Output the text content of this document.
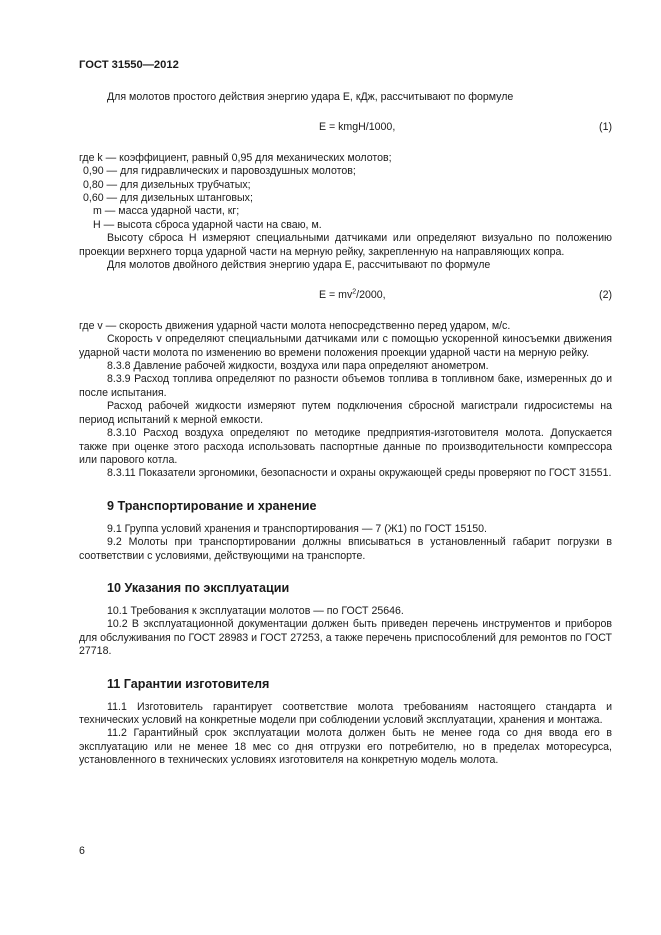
ГОСТ 31550—2012

Для молотов простого действия энергию удара E, кДж, рассчитывают по формуле

E = kmgH/1000,	(1)

где k — коэффициент, равный 0,95 для механических молотов;

0,90 — для гидравлических и паровоздушных молотов;

0,80 — для дизельных трубчатых;

0,60 — для дизельных штанговых;

m — масса ударной части, кг;

H — высота сброса ударной части на сваю, м.

Высоту сброса H измеряют специальными датчиками или определяют визуально по положению проекции верхнего торца ударной части на мерную рейку, закрепленную на направляющих копра.

Для молотов двойного действия энергию удара E, рассчитывают по формуле

$E = mv^2/2000$,	(2)

где v — скорость движения ударной части молота непосредственно перед ударом, м/с.

Скорость v определяют специальными датчиками или с помощью ускоренной киносъемки движения ударной части молота по изменению во времени положения проекции ударной части на мерную рейку.

8.3.8 Давление рабочей жидкости, воздуха или пара определяют анометром.

8.3.9 Расход топлива определяют по разности объемов топлива в топливном баке, измеренных до и после испытания.

Расход рабочей жидкости измеряют путем подключения сбросной магистрали гидросистемы на период испытаний к мерной емкости.

8.3.10 Расход воздуха определяют по методике предприятия-изготовителя молота. Допускается также при оценке этого расхода использовать паспортные данные по производительности компрессора или парового котла.

8.3.11 Показатели эргономики, безопасности и охраны окружающей среды проверяют по ГОСТ 31551.

9 Транспортирование и хранение

9.1 Группа условий хранения и транспортирования — 7 (Ж1) по ГОСТ 15150.

9.2 Молоты при транспортировании должны вписываться в установленный габарит погрузки в соответствии с условиями, действующими на транспорте.

10 Указания по эксплуатации

10.1 Требования к эксплуатации молотов — по ГОСТ 25646.

10.2 В эксплуатационной документации должен быть приведен перечень инструментов и приборов для обслуживания по ГОСТ 28983 и ГОСТ 27253, а также перечень приспособлений для ремонтов по ГОСТ 27718.

11 Гарантии изготовителя

11.1 Изготовитель гарантирует соответствие молота требованиям настоящего стандарта и технических условий на конкретные модели при соблюдении условий эксплуатации, хранения и монтажа.

11.2 Гарантийный срок эксплуатации молота должен быть не менее года со дня ввода его в эксплуатацию или не менее 18 мес со дня отгрузки его потребителю, но в пределах моторесурса, установленного в технических условиях изготовителя на конкретную модель молота.

6
